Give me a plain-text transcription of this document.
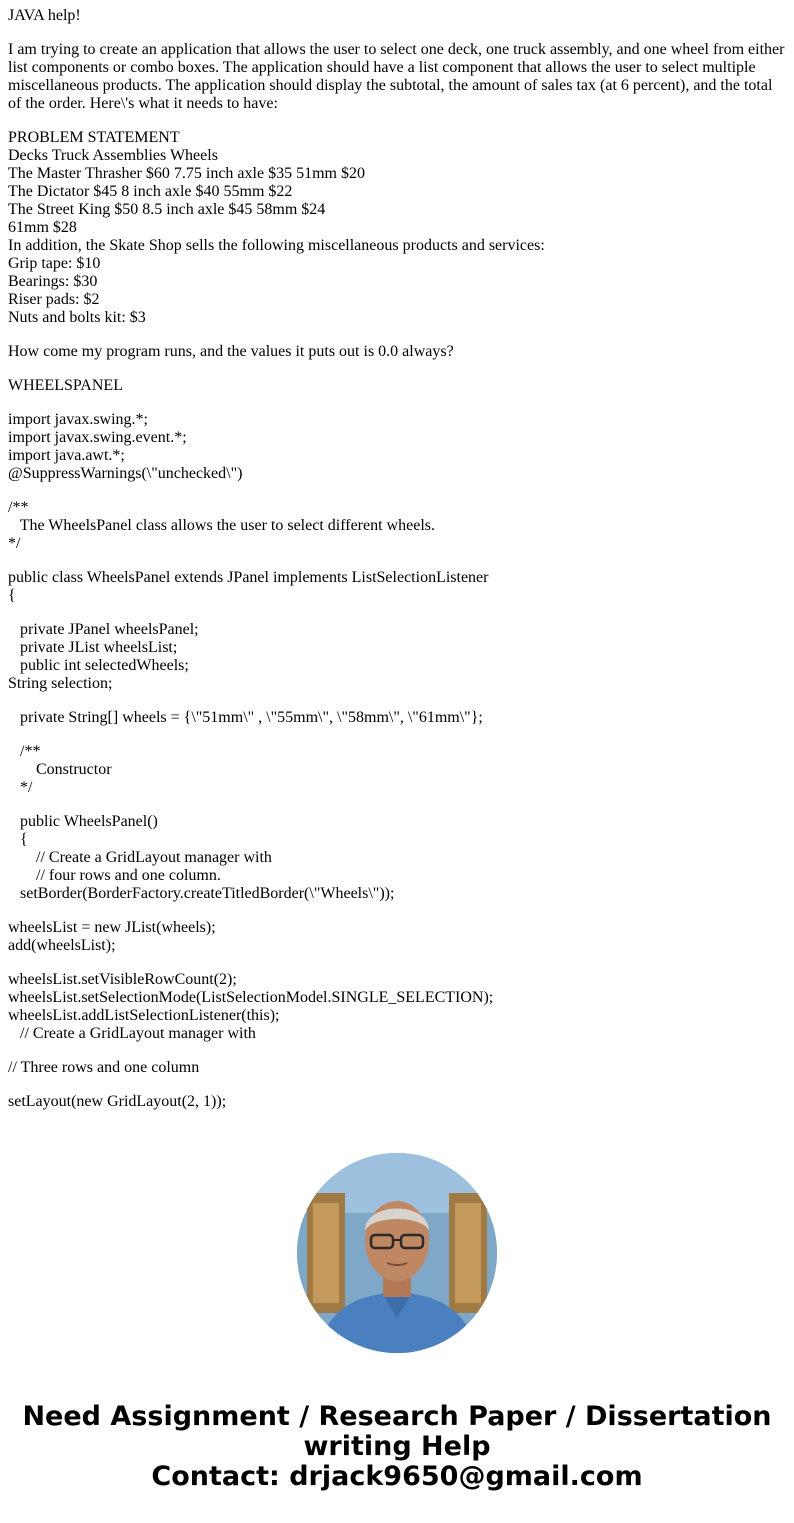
JAVA help!
I am trying to create an application that allows the user to select one deck, one truck assembly, and one wheel from either list components or combo boxes. The application should have a list component that allows the user to select multiple miscellaneous products. The application should display the subtotal, the amount of sales tax (at 6 percent), and the total of the order. Here\'s what it needs to have:
PROBLEM STATEMENT
Decks Truck Assemblies Wheels
The Master Thrasher $60 7.75 inch axle $35 51mm $20
The Dictator $45 8 inch axle $40 55mm $22
The Street King $50 8.5 inch axle $45 58mm $24
61mm $28
In addition, the Skate Shop sells the following miscellaneous products and services:
Grip tape: $10
Bearings: $30
Riser pads: $2
Nuts and bolts kit: $3
How come my program runs, and the values it puts out is 0.0 always?
WHEELSPANEL
import javax.swing.*;
import javax.swing.event.*;
import java.awt.*;
@SuppressWarnings(\"unchecked\")
/**
The WheelsPanel class allows the user to select different wheels.
*/
public class WheelsPanel extends JPanel implements ListSelectionListener
{
private JPanel wheelsPanel;
private JList wheelsList;
public int selectedWheels;
String selection;
private String[] wheels = {\"51mm\" , \"55mm\", \"58mm\", \"61mm\"};
/**
Constructor
*/
public WheelsPanel()
{
// Create a GridLayout manager with
// four rows and one column.
setBorder(BorderFactory.createTitledBorder(\"Wheels\"));
wheelsList = new JList(wheels);
add(wheelsList);
wheelsList.setVisibleRowCount(2);
wheelsList.setSelectionMode(ListSelectionModel.SINGLE_SELECTION);
wheelsList.addListSelectionListener(this);
// Create a GridLayout manager with
// Three rows and one column
setLayout(new GridLayout(2, 1));
Need Assignment / Research Paper / Dissertation
writing Help
Contact: drjack9650@gmail.com
